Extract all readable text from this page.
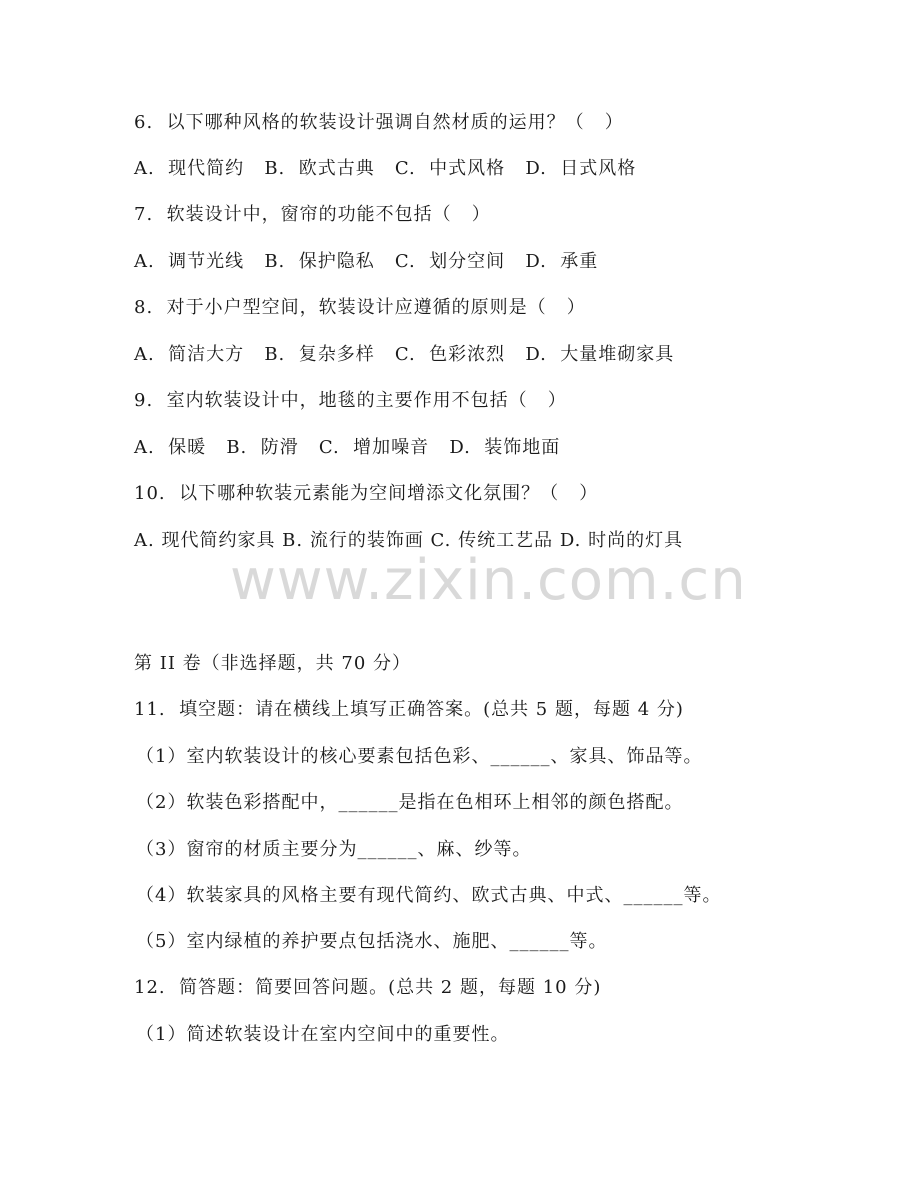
www.zixin.com.cn
6.  以下哪种风格的软装设计强调自然材质的运用？（   ）
A.  现代简约   B.  欧式古典   C.  中式风格   D.  日式风格
7.  软装设计中，窗帘的功能不包括（   ）
A.  调节光线   B.  保护隐私   C.  划分空间   D.  承重
8.  对于小户型空间，软装设计应遵循的原则是（   ）
A.  简洁大方   B.  复杂多样   C.  色彩浓烈   D.  大量堆砌家具
9.  室内软装设计中，地毯的主要作用不包括（   ）
A.  保暖   B.  防滑   C.  增加噪音   D.  装饰地面
10.  以下哪种软装元素能为空间增添文化氛围？（   ）
A. 现代简约家具 B. 流行的装饰画 C. 传统工艺品 D. 时尚的灯具
第 II 卷（非选择题，共 70 分）
11.  填空题：请在横线上填写正确答案。(总共 5 题，每题 4 分)
（1）室内软装设计的核心要素包括色彩、______、家具、饰品等。
（2）软装色彩搭配中，______是指在色相环上相邻的颜色搭配。
（3）窗帘的材质主要分为______、麻、纱等。
（4）软装家具的风格主要有现代简约、欧式古典、中式、______等。
（5）室内绿植的养护要点包括浇水、施肥、______等。
12.  简答题：简要回答问题。(总共 2 题，每题 10 分)
（1）简述软装设计在室内空间中的重要性。
